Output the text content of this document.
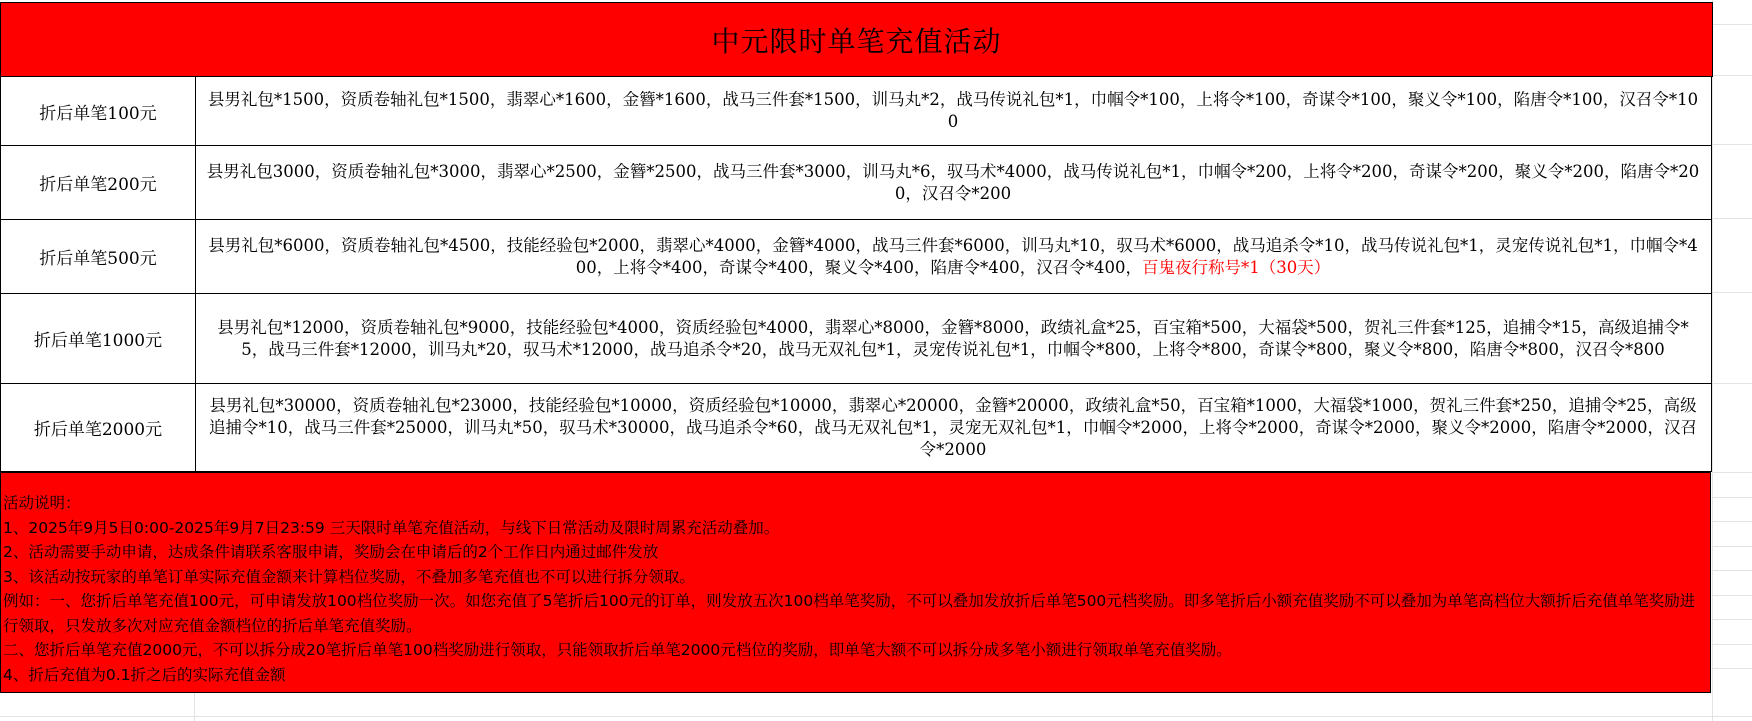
中元限时单笔充值活动
折后单笔100元
县男礼包*1500，资质卷轴礼包*1500，翡翠心*1600，金簪*1600，战马三件套*1500，训马丸*2，战马传说礼包*1，巾帼令*100，上将令*100，奇谋令*100，聚义令*100，陷唐令*100，汉召令*100
折后单笔200元
县男礼包3000，资质卷轴礼包*3000，翡翠心*2500，金簪*2500，战马三件套*3000，训马丸*6，驭马术*4000，战马传说礼包*1，巾帼令*200，上将令*200，奇谋令*200，聚义令*200，陷唐令*200，汉召令*200
折后单笔500元
县男礼包*6000，资质卷轴礼包*4500，技能经验包*2000，翡翠心*4000，金簪*4000，战马三件套*6000，训马丸*10，驭马术*6000，战马追杀令*10，战马传说礼包*1，灵宠传说礼包*1，巾帼令*400，上将令*400，奇谋令*400，聚义令*400，陷唐令*400，汉召令*400，百鬼夜行称号*1（30天）
折后单笔1000元
县男礼包*12000，资质卷轴礼包*9000，技能经验包*4000，资质经验包*4000，翡翠心*8000，金簪*8000，政绩礼盒*25，百宝箱*500，大福袋*500，贺礼三件套*125，追捕令*15，高级追捕令*5，战马三件套*12000，训马丸*20，驭马术*12000，战马追杀令*20，战马无双礼包*1，灵宠传说礼包*1，巾帼令*800，上将令*800，奇谋令*800，聚义令*800，陷唐令*800，汉召令*800
折后单笔2000元
县男礼包*30000，资质卷轴礼包*23000，技能经验包*10000，资质经验包*10000，翡翠心*20000，金簪*20000，政绩礼盒*50，百宝箱*1000，大福袋*1000，贺礼三件套*250，追捕令*25，高级追捕令*10，战马三件套*25000，训马丸*50，驭马术*30000，战马追杀令*60，战马无双礼包*1，灵宠无双礼包*1，巾帼令*2000，上将令*2000，奇谋令*2000，聚义令*2000，陷唐令*2000，汉召令*2000

活动说明：

1、2025年9月5日0:00-2025年9月7日23:59 三天限时单笔充值活动，与线下日常活动及限时周累充活动叠加。

2、活动需要手动申请，达成条件请联系客服申请，奖励会在申请后的2个工作日内通过邮件发放

3、该活动按玩家的单笔订单实际充值金额来计算档位奖励，不叠加多笔充值也不可以进行拆分领取。

例如：一、您折后单笔充值100元，可申请发放100档位奖励一次。如您充值了5笔折后100元的订单，则发放五次100档单笔奖励，不可以叠加发放折后单笔500元档奖励。即多笔折后小额充值奖励不可以叠加为单笔高档位大额折后充值单笔奖励进行领取，只发放多次对应充值金额档位的折后单笔充值奖励。

二、您折后单笔充值2000元，不可以拆分成20笔折后单笔100档奖励进行领取，只能领取折后单笔2000元档位的奖励，即单笔大额不可以拆分成多笔小额进行领取单笔充值奖励。

4、折后充值为0.1折之后的实际充值金额
